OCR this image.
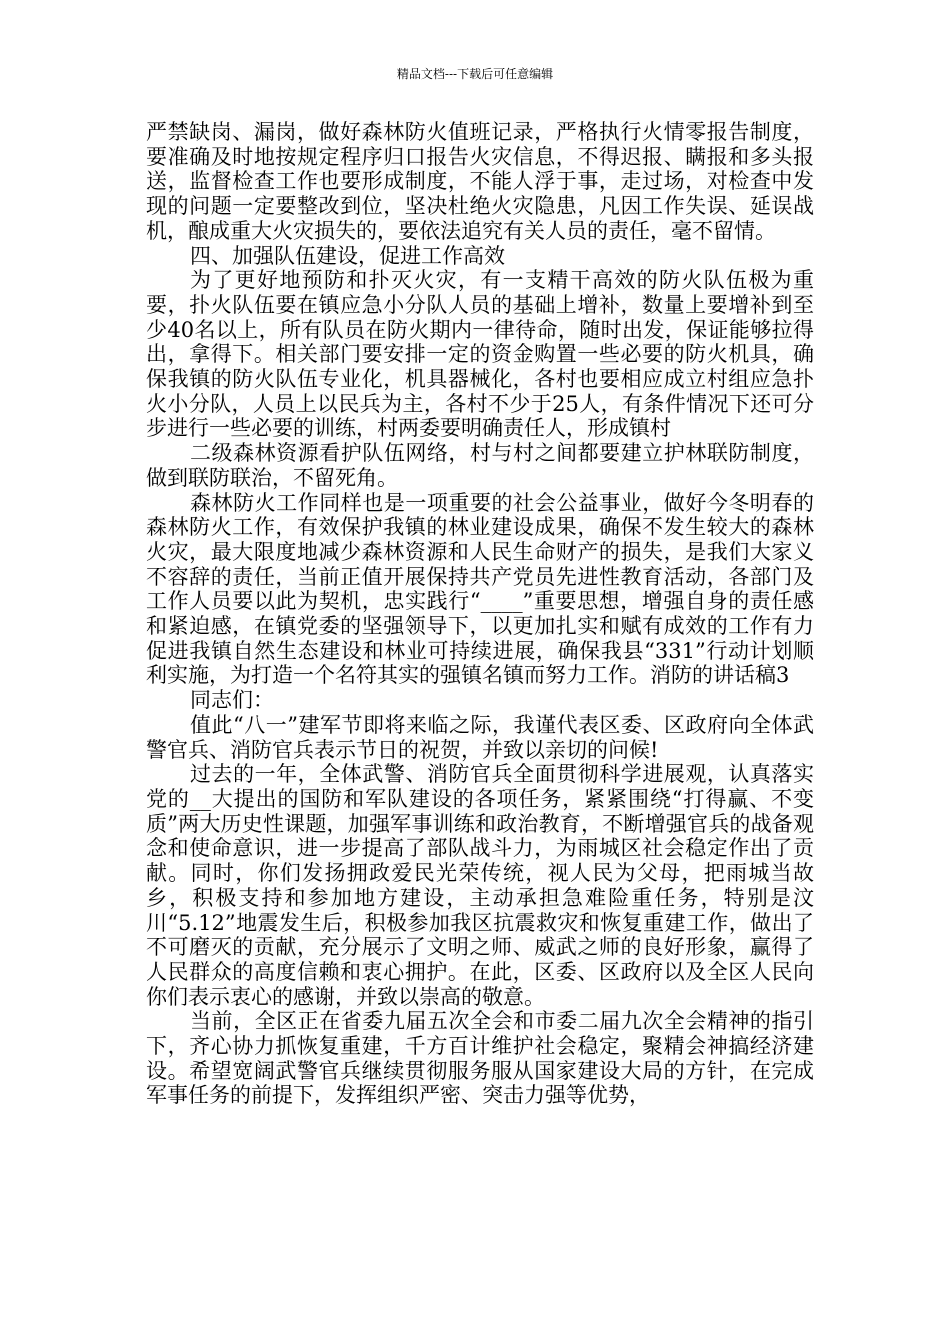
精品文档---下载后可任意编辑

严禁缺岗、漏岗，做好森林防火值班记录，严格执行火情零报告制度，要准确及时地按规定程序归口报告火灾信息，不得迟报、瞒报和多头报送，监督检查工作也要形成制度，不能人浮于事，走过场，对检查中发现的问题一定要整改到位，坚决杜绝火灾隐患，凡因工作失误、延误战机，酿成重大火灾损失的，要依法追究有关人员的责任，毫不留情。

四、加强队伍建设，促进工作高效

为了更好地预防和扑灭火灾，有一支精干高效的防火队伍极为重要，扑火队伍要在镇应急小分队人员的基础上增补，数量上要增补到至少40名以上，所有队员在防火期内一律待命，随时出发，保证能够拉得出，拿得下。相关部门要安排一定的资金购置一些必要的防火机具，确保我镇的防火队伍专业化，机具器械化，各村也要相应成立村组应急扑火小分队，人员上以民兵为主，各村不少于25人，有条件情况下还可分步进行一些必要的训练，村两委要明确责任人，形成镇村

二级森林资源看护队伍网络，村与村之间都要建立护林联防制度，做到联防联治，不留死角。

森林防火工作同样也是一项重要的社会公益事业，做好今冬明春的森林防火工作，有效保护我镇的林业建设成果，确保不发生较大的森林火灾，最大限度地减少森林资源和人民生命财产的损失，是我们大家义不容辞的责任，当前正值开展保持共产党员先进性教育活动，各部门及工作人员要以此为契机，忠实践行“____”重要思想，增强自身的责任感和紧迫感，在镇党委的坚强领导下，以更加扎实和赋有成效的工作有力促进我镇自然生态建设和林业可持续进展，确保我县“331”行动计划顺利实施，为打造一个名符其实的强镇名镇而努力工作。消防的讲话稿3

同志们：

值此“八一”建军节即将来临之际，我谨代表区委、区政府向全体武警官兵、消防官兵表示节日的祝贺，并致以亲切的问候!

过去的一年，全体武警、消防官兵全面贯彻科学进展观，认真落实党的__大提出的国防和军队建设的各项任务，紧紧围绕“打得赢、不变质”两大历史性课题，加强军事训练和政治教育，不断增强官兵的战备观念和使命意识，进一步提高了部队战斗力，为雨城区社会稳定作出了贡献。同时，你们发扬拥政爱民光荣传统，视人民为父母，把雨城当故乡，积极支持和参加地方建设，主动承担急难险重任务，特别是汶川“5.12”地震发生后，积极参加我区抗震救灾和恢复重建工作，做出了不可磨灭的贡献，充分展示了文明之师、威武之师的良好形象，赢得了人民群众的高度信赖和衷心拥护。在此，区委、区政府以及全区人民向你们表示衷心的感谢，并致以崇高的敬意。

当前，全区正在省委九届五次全会和市委二届九次全会精神的指引下，齐心协力抓恢复重建，千方百计维护社会稳定，聚精会神搞经济建设。希望宽阔武警官兵继续贯彻服务服从国家建设大局的方针，在完成军事任务的前提下，发挥组织严密、突击力强等优势，
